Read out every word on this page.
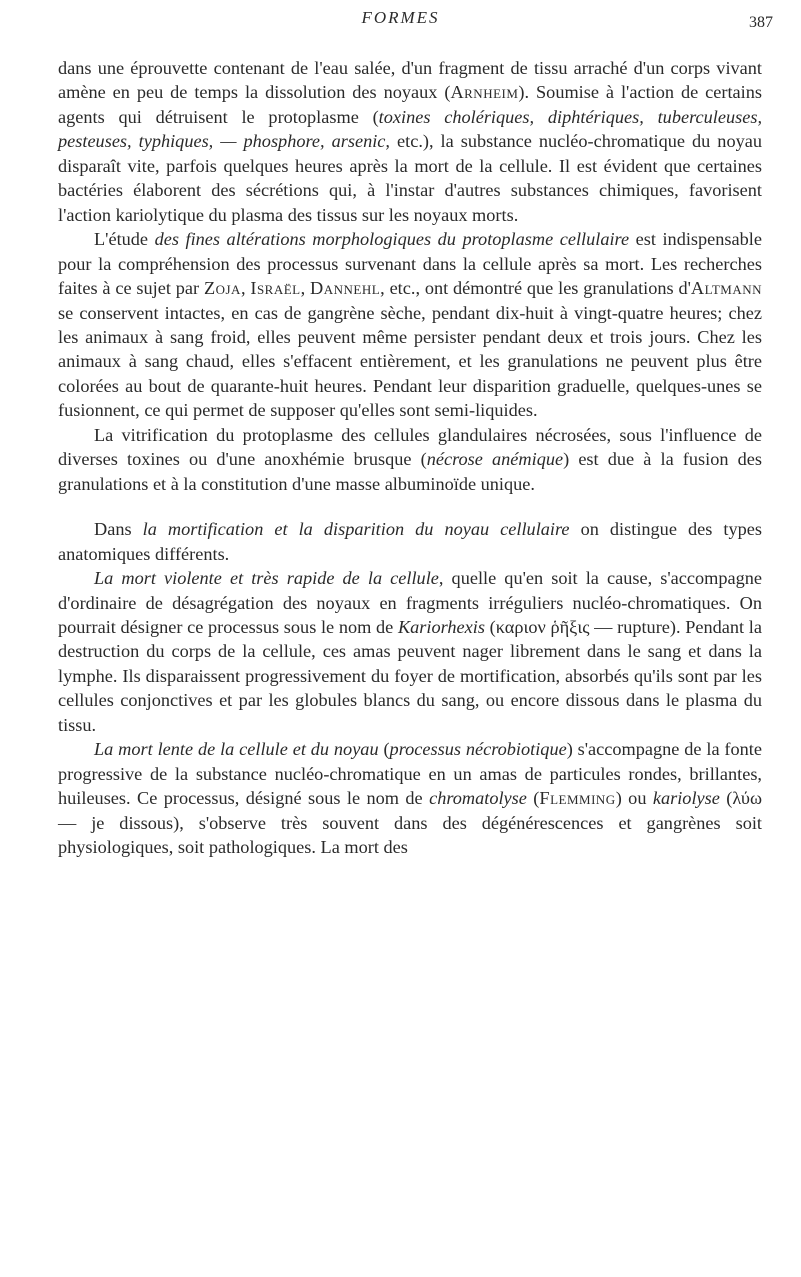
FORMES	387

dans une éprouvette contenant de l'eau salée, d'un fragment de tissu arraché d'un corps vivant amène en peu de temps la dissolution des noyaux (Arnheim). Soumise à l'action de certains agents qui détruisent le protoplasme (toxines cholériques, diphtériques, tuberculeuses, pesteuses, typhiques, — phosphore, arsenic, etc.), la substance nucléo-chromatique du noyau disparaît vite, parfois quelques heures après la mort de la cellule. Il est évident que certaines bactéries élaborent des sécrétions qui, à l'instar d'autres substances chimiques, favorisent l'action kariolytique du plasma des tissus sur les noyaux morts.

L'étude des fines altérations morphologiques du protoplasme cellulaire est indispensable pour la compréhension des processus survenant dans la cellule après sa mort. Les recherches faites à ce sujet par Zoja, Israël, Dannehl, etc., ont démontré que les granulations d'Altmann se conservent intactes, en cas de gangrène sèche, pendant dix-huit à vingt-quatre heures; chez les animaux à sang froid, elles peuvent même persister pendant deux et trois jours. Chez les animaux à sang chaud, elles s'effacent entièrement, et les granulations ne peuvent plus être colorées au bout de quarante-huit heures. Pendant leur disparition graduelle, quelques-unes se fusionnent, ce qui permet de supposer qu'elles sont semi-liquides.

La vitrification du protoplasme des cellules glandulaires nécrosées, sous l'influence de diverses toxines ou d'une anoxhémie brusque (nécrose anémique) est due à la fusion des granulations et à la constitution d'une masse albuminoïde unique.

Dans la mortification et la disparition du noyau cellulaire on distingue des types anatomiques différents.

La mort violente et très rapide de la cellule, quelle qu'en soit la cause, s'accompagne d'ordinaire de désagrégation des noyaux en fragments irréguliers nucléo-chromatiques. On pourrait désigner ce processus sous le nom de Kariorhexis (καριον ῥῆξις — rupture). Pendant la destruction du corps de la cellule, ces amas peuvent nager librement dans le sang et dans la lymphe. Ils disparaissent progressivement du foyer de mortification, absorbés qu'ils sont par les cellules conjonctives et par les globules blancs du sang, ou encore dissous dans le plasma du tissu.

La mort lente de la cellule et du noyau (processus nécrobiotique) s'accompagne de la fonte progressive de la substance nucléo-chromatique en un amas de particules rondes, brillantes, huileuses. Ce processus, désigné sous le nom de chromatolyse (Flemming) ou kariolyse (λύω — je dissous), s'observe très souvent dans des dégénérescences et gangrènes soit physiologiques, soit pathologiques. La mort des
